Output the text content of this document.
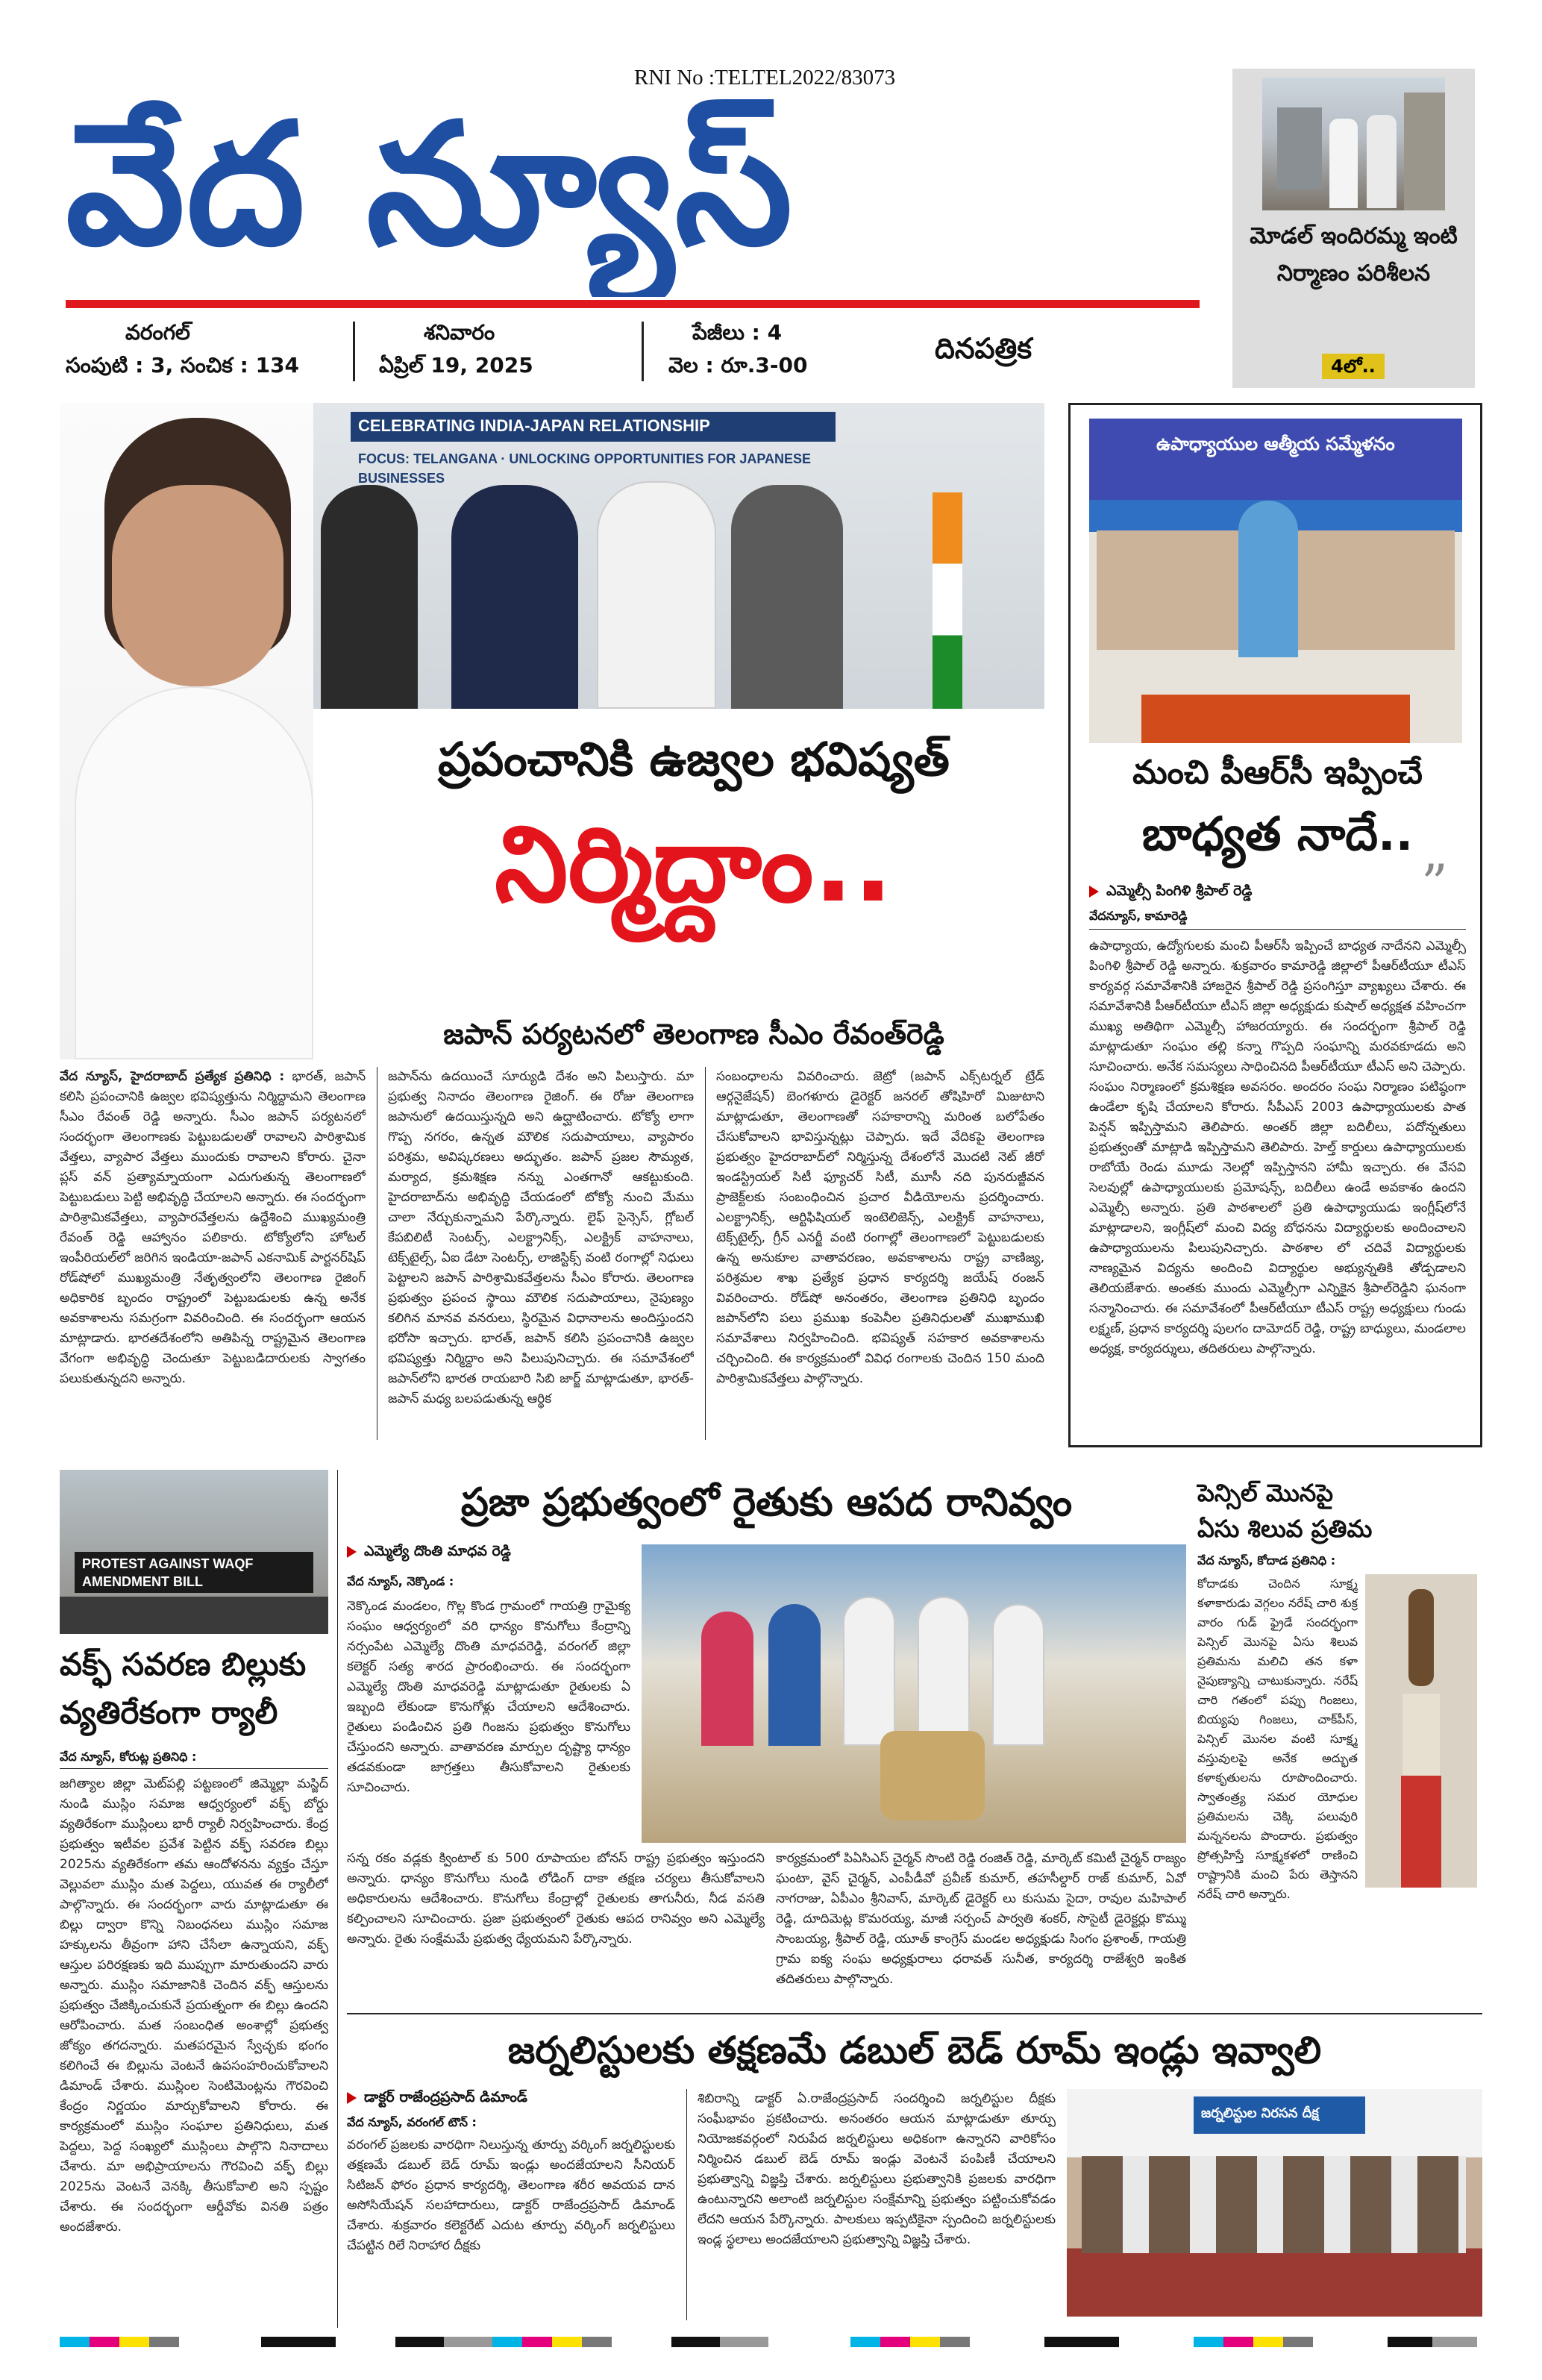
RNI No :TELTEL2022/83073
వేద న్యూస్
వరంగల్
సంపుటి : 3, సంచిక : 134
శనివారం
ఏప్రిల్ 19, 2025
పేజీలు : 4
వెల : రూ.3-00
దినపత్రిక
మోడల్ ఇందిరమ్మ ఇంటి నిర్మాణం పరిశీలన
4లో..
CELEBRATING INDIA-JAPAN RELATIONSHIP
FOCUS: TELANGANA · UNLOCKING OPPORTUNITIES FOR JAPANESE BUSINESSES
ప్రపంచానికి ఉజ్వల భవిష్యత్
నిర్మిద్దాం..
జపాన్ పర్యటనలో తెలంగాణ సీఎం రేవంత్‌రెడ్డి
వేద న్యూస్, హైదరాబాద్ ప్రత్యేక ప్రతినిధి : భారత్, జపాన్ కలిసి ప్రపంచానికి ఉజ్వల భవిష్యత్తును నిర్మిద్దామని తెలంగాణ సీఎం రేవంత్ రెడ్డి అన్నారు. సీఎం జపాన్ పర్యటనలో సందర్భంగా తెలంగాణకు పెట్టుబడులతో రావాలని పారిశ్రామిక వేత్తలు, వ్యాపార వేత్తలు ముందుకు రావాలని కోరారు. చైనా ప్లస్ వన్ ప్రత్యామ్నాయంగా ఎదుగుతున్న తెలంగాణలో పెట్టుబడులు పెట్టి అభివృద్ధి చేయాలని అన్నారు. ఈ సందర్భంగా పారిశ్రామికవేత్తలు, వ్యాపారవేత్తలను ఉద్దేశించి ముఖ్యమంత్రి రేవంత్ రెడ్డి ఆహ్వానం పలికారు. టోక్యోలోని హోటల్ ఇంపీరియల్‌లో జరిగిన ఇండియా-జపాన్ ఎకనామిక్ పార్టనర్‌షిప్ రోడ్‌షోలో ముఖ్యమంత్రి నేతృత్వంలోని తెలంగాణ రైజింగ్ అధికారిక బృందం రాష్ట్రంలో పెట్టుబడులకు ఉన్న అనేక అవకాశాలను సమగ్రంగా వివరించింది. ఈ సందర్భంగా ఆయన మాట్లాడారు. భారతదేశంలోని అతిపిన్న రాష్ట్రమైన తెలంగాణ వేగంగా అభివృద్ధి చెందుతూ పెట్టుబడిదారులకు స్వాగతం పలుకుతున్నదని అన్నారు.
జపాన్‌ను ఉదయించే సూర్యుడి దేశం అని పిలుస్తారు. మా ప్రభుత్వ నినాదం తెలంగాణ రైజింగ్. ఈ రోజు తెలంగాణ జపానులో ఉదయిస్తున్నది అని ఉద్ఘాటించారు. టోక్యో లాగా గొప్ప నగరం, ఉన్నత మౌలిక సదుపాయాలు, వ్యాపారం పరిశ్రమ, అవిష్కరణలు అద్భుతం. జపాన్ ప్రజల సౌమ్యత, మర్యాద, క్రమశిక్షణ నన్ను ఎంతగానో ఆకట్టుకుంది. హైదరాబాద్‌ను అభివృద్ధి చేయడంలో టోక్యో నుంచి మేము చాలా నేర్చుకున్నామని పేర్కొన్నారు. లైఫ్ సైన్సెస్, గ్లోబల్ కేపబిలిటీ సెంటర్స్, ఎలక్ట్రానిక్స్, ఎలక్ట్రిక్ వాహనాలు, టెక్స్‌టైల్స్, ఏఐ డేటా సెంటర్స్, లాజిస్టిక్స్ వంటి రంగాల్లో నిధులు పెట్టాలని జపాన్ పారిశ్రామికవేత్తలను సీఎం కోరారు. తెలంగాణ ప్రభుత్వం ప్రపంచ స్థాయి మౌలిక సదుపాయాలు, నైపుణ్యం కలిగిన మానవ వనరులు, స్థిరమైన విధానాలను అందిస్తుందని భరోసా ఇచ్చారు. భారత్, జపాన్ కలిసి ప్రపంచానికి ఉజ్వల భవిష్యత్తు నిర్మిద్దాం అని పిలుపునిచ్చారు. ఈ సమావేశంలో జపాన్‌లోని భారత రాయబారి సిబి జార్జ్ మాట్లాడుతూ, భారత్-జపాన్ మధ్య బలపడుతున్న ఆర్థిక
సంబంధాలను వివరించారు. జెట్రో (జపాన్ ఎక్స్‌టర్నల్ ట్రేడ్ ఆర్గనైజేషన్) బెంగళూరు డైరెక్టర్ జనరల్ తోషిహిరో మిజుటాని మాట్లాడుతూ, తెలంగాణతో సహకారాన్ని మరింత బలోపేతం చేసుకోవాలని భావిస్తున్నట్లు చెప్పారు. ఇదే వేదికపై తెలంగాణ ప్రభుత్వం హైదరాబాద్‌లో నిర్మిస్తున్న దేశంలోనే మొదటి నెట్ జీరో ఇండస్ట్రియల్ సిటీ ఫ్యూచర్ సిటీ, మూసీ నది పునరుజ్జీవన ప్రాజెక్ట్‌లకు సంబంధించిన ప్రచార వీడియోలను ప్రదర్శించారు. ఎలక్ట్రానిక్స్, ఆర్టిఫిషియల్ ఇంటెలిజెన్స్, ఎలక్ట్రిక్ వాహనాలు, టెక్స్‌టైల్స్, గ్రీన్ ఎనర్జీ వంటి రంగాల్లో తెలంగాణలో పెట్టుబడులకు ఉన్న అనుకూల వాతావరణం, అవకాశాలను రాష్ట్ర వాణిజ్య, పరిశ్రమల శాఖ ప్రత్యేక ప్రధాన కార్యదర్శి జయేష్ రంజన్ వివరించారు. రోడ్‌షో అనంతరం, తెలంగాణ ప్రతినిధి బృందం జపాన్‌లోని పలు ప్రముఖ కంపెనీల ప్రతినిధులతో ముఖాముఖి సమావేశాలు నిర్వహించింది. భవిష్యత్ సహకార అవకాశాలను చర్చించింది. ఈ కార్యక్రమంలో వివిధ రంగాలకు చెందిన 150 మంది పారిశ్రామికవేత్తలు పాల్గొన్నారు.
ఉపాధ్యాయుల ఆత్మీయ సమ్మేళనం
మంచి పీఆర్‌సీ ఇప్పించే
బాధ్యత నాదే..
”
ఎమ్మెల్సీ పింగిళి శ్రీపాల్ రెడ్డి
వేదన్యూస్, కామారెడ్డి
ఉపాధ్యాయ, ఉద్యోగులకు మంచి పీఆర్‌సీ ఇప్పించే బాధ్యత నాదేనని ఎమ్మెల్సీ పింగిళి శ్రీపాల్ రెడ్డి అన్నారు. శుక్రవారం కామారెడ్డి జిల్లాలో పీఆర్‌టీయూ టీఎస్ కార్యవర్గ సమావేశానికి హాజరైన శ్రీపాల్ రెడ్డి ప్రసంగిస్తూ వ్యాఖ్యలు చేశారు. ఈ సమావేశానికి పీఆర్‌టీయూ టీఎస్ జిల్లా అధ్యక్షుడు కుషాల్ అధ్యక్షత వహించగా ముఖ్య అతిథిగా ఎమ్మెల్సీ హాజరయ్యారు. ఈ సందర్భంగా శ్రీపాల్ రెడ్డి మాట్లాడుతూ సంఘం తల్లి కన్నా గొప్పది సంఘాన్ని మరవకూడదు అని సూచించారు. అనేక సమస్యలు సాధించినది పీఆర్‌టీయూ టీఎస్ అని చెప్పారు. సంఘం నిర్మాణంలో క్రమశిక్షణ అవసరం. అందరం సంఘ నిర్మాణం పటిష్ఠంగా ఉండేలా కృషి చేయాలని కోరారు. సీపీఎస్ 2003 ఉపాధ్యాయులకు పాత పెన్షన్ ఇప్పిస్తామని తెలిపారు. అంతర్ జిల్లా బదిలీలు, పదోన్నతులు ప్రభుత్వంతో మాట్లాడి ఇప్పిస్తామని తెలిపారు. హెల్త్ కార్డులు ఉపాధ్యాయులకు రాబోయే రెండు మూడు నెలల్లో ఇప్పిస్తానని హామీ ఇచ్చారు. ఈ వేసవి సెలవుల్లో ఉపాధ్యాయులకు ప్రమోషన్స్, బదిలీలు ఉండే అవకాశం ఉందని ఎమ్మెల్సీ అన్నారు. ప్రతి పాఠశాలలో ప్రతి ఉపాధ్యాయుడు ఇంగ్లీష్‌లోనే మాట్లాడాలని, ఇంగ్లీష్‌లో మంచి విద్య బోధనను విద్యార్థులకు అందించాలని ఉపాధ్యాయులను పిలుపునిచ్చారు. పాఠశాల లో చదివే విద్యార్థులకు నాణ్యమైన విద్యను అందించి విద్యార్థుల అభ్యున్నతికి తోడ్పడాలని తెలియజేశారు. అంతకు ముందు ఎమ్మెల్సీగా ఎన్నికైన శ్రీపాల్‌రెడ్డిని ఘనంగా సన్మానించారు. ఈ సమావేశంలో పీఆర్‌టీయూ టీఎస్ రాష్ట్ర అధ్యక్షులు గుండు లక్ష్మణ్, ప్రధాన కార్యదర్శి పులగం దామోదర్ రెడ్డి, రాష్ట్ర బాధ్యులు, మండలాల అధ్యక్ష, కార్యదర్శులు, తదితరులు పాల్గొన్నారు.
PROTEST AGAINST WAQF
AMENDMENT BILL
వక్ఫ్ సవరణ బిల్లుకు
వ్యతిరేకంగా ర్యాలీ
వేద న్యూస్, కోరుట్ల ప్రతినిధి :
జగిత్యాల జిల్లా మెట్‌పల్లి పట్టణంలో జిమ్మెల్లా మస్జిద్ నుండి ముస్లిం సమాజ ఆధ్వర్యంలో వక్ఫ్ బోర్డు వ్యతిరేకంగా ముస్లింలు భారీ ర్యాలీ నిర్వహించారు. కేంద్ర ప్రభుత్వం ఇటీవల ప్రవేశ పెట్టిన వక్ఫ్ సవరణ బిల్లు 2025ను వ్యతిరేకంగా తమ ఆందోళనను వ్యక్తం చేస్తూ వెల్లువలా ముస్లిం మత పెద్దలు, యువత ఈ ర్యాలీలో పాల్గొన్నారు. ఈ సందర్భంగా వారు మాట్లాడుతూ ఈ బిల్లు ద్వారా కొన్ని నిబంధనలు ముస్లిం సమాజ హక్కులను తీవ్రంగా హాని చేసేలా ఉన్నాయని, వక్ఫ్ ఆస్తుల పరిరక్షణకు ఇది ముప్పుగా మారుతుందని వారు అన్నారు. ముస్లిం సమాజానికి చెందిన వక్ఫ్ ఆస్తులను ప్రభుత్వం చేజిక్కించుకునే ప్రయత్నంగా ఈ బిల్లు ఉందని ఆరోపించారు. మత సంబంధిత అంశాల్లో ప్రభుత్వ జోక్యం తగదన్నారు. మతపరమైన స్వేచ్ఛకు భంగం కలిగించే ఈ బిల్లును వెంటనే ఉపసంహరించుకోవాలని డిమాండ్ చేశారు. ముస్లింల సెంటిమెంట్లను గౌరవించి కేంద్రం నిర్ణయం మార్చుకోవాలని కోరారు. ఈ కార్యక్రమంలో ముస్లిం సంఘాల ప్రతినిధులు, మత పెద్దలు, పెద్ద సంఖ్యలో ముస్లింలు పాల్గొని నినాదాలు చేశారు. మా అభిప్రాయాలను గౌరవించి వక్ఫ్ బిల్లు 2025ను వెంటనే వెనక్కి తీసుకోవాలి అని స్పష్టం చేశారు. ఈ సందర్భంగా ఆర్డీవోకు వినతి పత్రం అందజేశారు.
ప్రజా ప్రభుత్వంలో రైతుకు ఆపద రానివ్వం
ఎమ్మెల్యే దొంతి మాధవ రెడ్డి
వేద న్యూస్, నెక్కొండ :
నెక్కొండ మండలం, గొల్ల కొండ గ్రామంలో గాయత్రి గ్రామైక్య సంఘం ఆధ్వర్యంలో వరి ధాన్యం కొనుగోలు కేంద్రాన్ని నర్సంపేట ఎమ్మెల్యే దొంతి మాధవరెడ్డి, వరంగల్ జిల్లా కలెక్టర్ సత్య శారద ప్రారంభించారు. ఈ సందర్భంగా ఎమ్మెల్యే దొంతి మాధవరెడ్డి మాట్లాడుతూ రైతులకు ఏ ఇబ్బంది లేకుండా కొనుగోళ్లు చేయాలని ఆదేశించారు. రైతులు పండించిన ప్రతి గింజను ప్రభుత్వం కొనుగోలు చేస్తుందని అన్నారు. వాతావరణ మార్పుల దృష్ట్యా ధాన్యం తడవకుండా జాగ్రత్తలు తీసుకోవాలని రైతులకు సూచించారు.
సన్న రకం వడ్లకు క్వింటాల్ కు 500 రూపాయల బోనస్ రాష్ట్ర ప్రభుత్వం ఇస్తుందని అన్నారు. ధాన్యం కొనుగోలు నుండి లోడింగ్ దాకా తక్షణ చర్యలు తీసుకోవాలని అధికారులను ఆదేశించారు. కొనుగోలు కేంద్రాల్లో రైతులకు తాగునీరు, నీడ వసతి కల్పించాలని సూచించారు. ప్రజా ప్రభుత్వంలో రైతుకు ఆపద రానివ్వం అని ఎమ్మెల్యే అన్నారు. రైతు సంక్షేమమే ప్రభుత్వ ధ్యేయమని పేర్కొన్నారు.
కార్యక్రమంలో పిఏసిఎస్ చైర్మన్ సొంటి రెడ్డి రంజిత్ రెడ్డి, మార్కెట్ కమిటీ చైర్మన్ రాజ్యం ఘంటా, వైస్ చైర్మన్, ఎంపీడీవో ప్రవీణ్ కుమార్, తహసీల్దార్ రాజ్ కుమార్, ఏవో నాగరాజు, ఏపీఎం శ్రీనివాస్, మార్కెట్ డైరెక్టర్ లు కుసుమ సైదా, రావుల మహిపాల్ రెడ్డి, దూదిమెట్ల కొమరయ్య, మాజీ సర్పంచ్ పార్వతి శంకర్, సొసైటీ డైరెక్టర్లు కొమ్ము సాంబయ్య, శ్రీపాల్ రెడ్డి, యూత్ కాంగ్రెస్ మండల అధ్యక్షుడు సింగం ప్రశాంత్, గాయత్రి గ్రామ ఐక్య సంఘ అధ్యక్షురాలు ధరావత్ సునీత, కార్యదర్శి రాజేశ్వరి ఇంకిత తదితరులు పాల్గొన్నారు.
పెన్సిల్ మొనపై
ఏసు శిలువ ప్రతిమ
వేద న్యూస్, కోదాడ ప్రతినిధి :
కోదాడకు చెందిన సూక్ష్మ కళాకారుడు వెగ్గలం నరేష్ చారి శుక్ర వారం గుడ్ ఫ్రైడే సందర్భంగా పెన్సిల్ మొనపై ఏసు శిలువ ప్రతిమను మలిచి తన కళా నైపుణ్యాన్ని చాటుకున్నారు. నరేష్ చారి గతంలో పప్పు గింజలు, బియ్యపు గింజలు, చాక్‌పీస్, పెన్సిల్ మొనల వంటి సూక్ష్మ వస్తువులపై అనేక అద్భుత కళాకృతులను రూపొందించారు. స్వాతంత్ర్య సమర యోధుల ప్రతిమలను చెక్కి పలువురి మన్ననలను పొందారు. ప్రభుత్వం ప్రోత్సహిస్తే సూక్ష్మకళలో రాణించి రాష్ట్రానికి మంచి పేరు తెస్తానని నరేష్ చారి అన్నారు.
జర్నలిస్టులకు తక్షణమే డబుల్ బెడ్ రూమ్ ఇండ్లు ఇవ్వాలి
డాక్టర్ రాజేంద్రప్రసాద్ డిమాండ్
వేద న్యూస్, వరంగల్ టౌన్ :
వరంగల్ ప్రజలకు వారధిగా నిలుస్తున్న తూర్పు వర్కింగ్ జర్నలిస్టులకు తక్షణమే డబుల్ బెడ్ రూమ్ ఇండ్లు అందజేయాలని సీనియర్ సిటిజన్ ఫోరం ప్రధాన కార్యదర్శి, తెలంగాణ శరీర అవయవ దాన అసోసియేషన్ సలహాదారులు, డాక్టర్ రాజేంద్రప్రసాద్ డిమాండ్ చేశారు. శుక్రవారం కలెక్టరేట్ ఎదుట తూర్పు వర్కింగ్ జర్నలిస్టులు చేపట్టిన రిలే నిరాహార దీక్షకు
శిబిరాన్ని డాక్టర్ ఏ.రాజేంద్రప్రసాద్ సందర్శించి జర్నలిస్టుల దీక్షకు సంఘీభావం ప్రకటించారు. అనంతరం ఆయన మాట్లాడుతూ తూర్పు నియోజకవర్గంలో నిరుపేద జర్నలిస్టులు అధికంగా ఉన్నారని వారికోసం నిర్మించిన డబుల్ బెడ్ రూమ్ ఇండ్లు వెంటనే పంపిణీ చేయాలని ప్రభుత్వాన్ని విజ్ఞప్తి చేశారు. జర్నలిస్టులు ప్రభుత్వానికి ప్రజలకు వారధిగా ఉంటున్నారని అలాంటి జర్నలిస్టుల సంక్షేమాన్ని ప్రభుత్వం పట్టించుకోవడం లేదని ఆయన పేర్కొన్నారు. పాలకులు ఇప్పటికైనా స్పందించి జర్నలిస్టులకు ఇండ్ల స్థలాలు అందజేయాలని ప్రభుత్వాన్ని విజ్ఞప్తి చేశారు.
జర్నలిస్టుల నిరసన దీక్ష
